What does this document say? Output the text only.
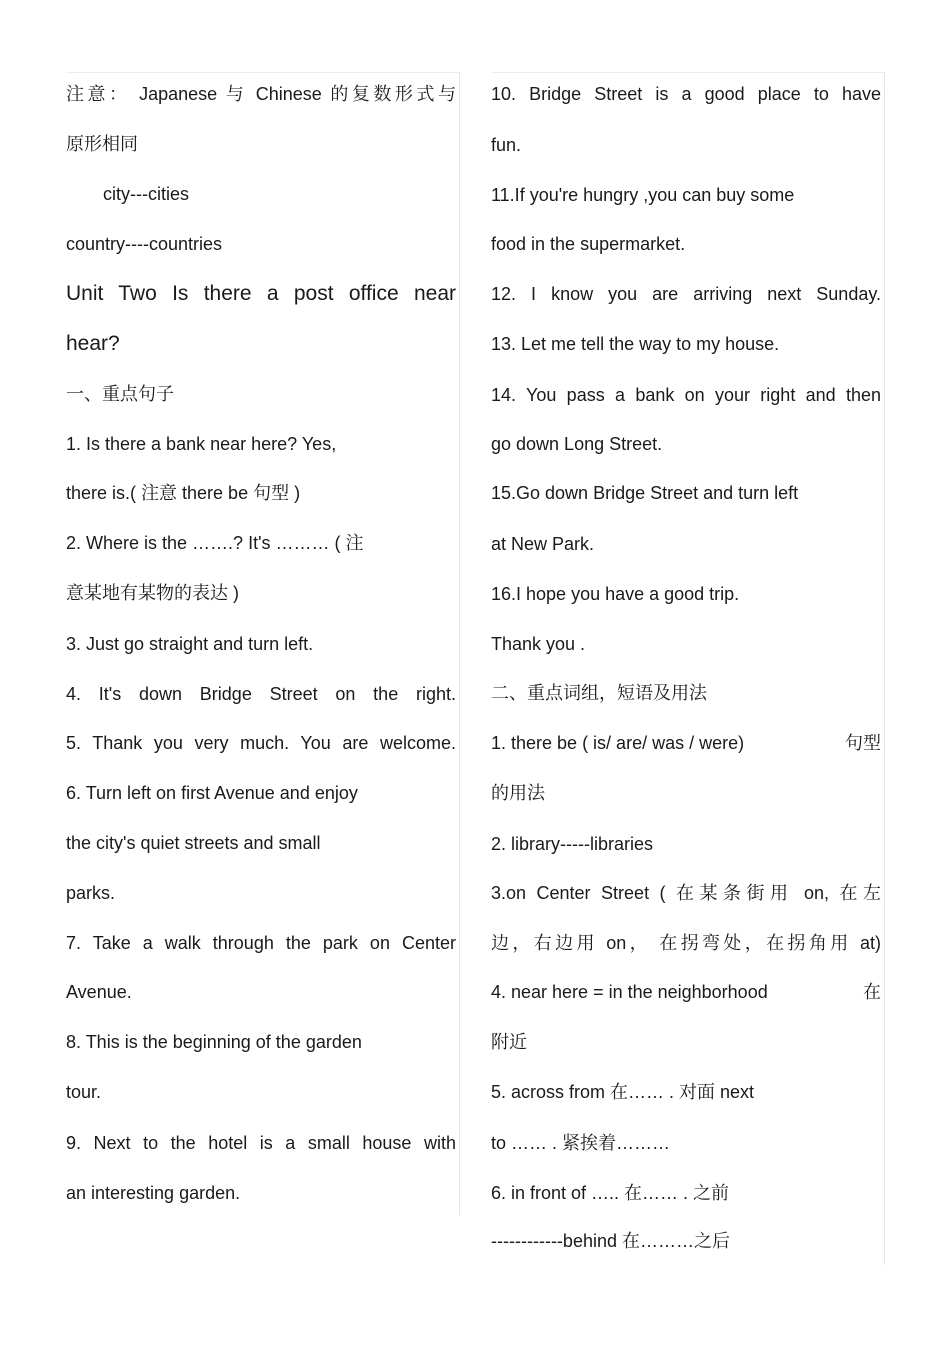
注意： Japanese 与 Chinese 的复数形式与
原形相同
city---cities
country----countries
Unit Two Is there a post office near
hear?
一、重点句子
1. Is there a bank near here? Yes,
there is.( 注意 there be 句型 )
2. Where is the …….? It's ……… ( 注
意某地有某物的表达 )
3. Just go straight and turn left.
4. It's down Bridge Street on the right.
5. Thank you very much. You are welcome.
6. Turn left on first Avenue and enjoy
the city's quiet streets and small
parks.
7. Take a walk through the park on Center
Avenue.
8. This is the beginning of the garden
tour.
9. Next to the hotel is a small house with
an interesting garden.
10. Bridge Street is a good place to have
fun.
11.If you're hungry ,you can buy some
food in the supermarket.
12. I know you are arriving next Sunday.
13. Let me tell the way to my house.
14. You pass a bank on your right and then
go down Long Street.
15.Go down Bridge Street and turn left
at New Park.
16.I hope you have a good trip.
Thank you .
二、重点词组，短语及用法
1. there be ( is/ are/ was / were)	句型
的用法
2. library-----libraries
3.on Center Street ( 在某条街用 on, 在左
边，右边用 on， 在拐弯处，在拐角用 at)
4. near here = in the neighborhood	在
附近
5. across from 在…… . 对面 next
to …… . 紧挨着………
6. in front of ….. 在…… . 之前
------------behind 在………之后
